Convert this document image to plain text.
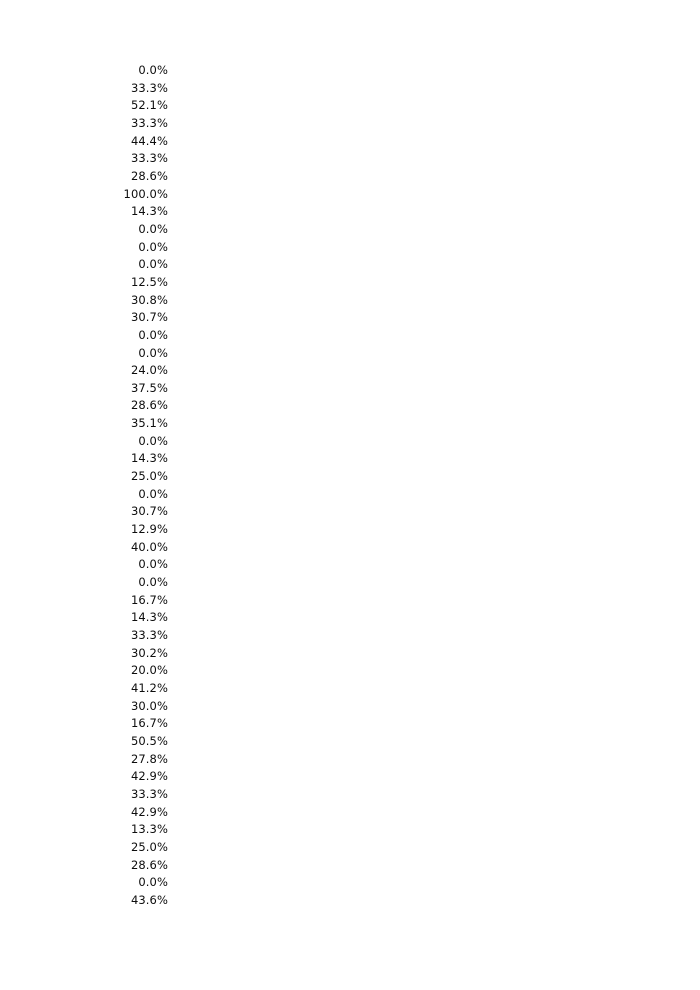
0.0%
33.3%
52.1%
33.3%
44.4%
33.3%
28.6%
100.0%
14.3%
0.0%
0.0%
0.0%
12.5%
30.8%
30.7%
0.0%
0.0%
24.0%
37.5%
28.6%
35.1%
0.0%
14.3%
25.0%
0.0%
30.7%
12.9%
40.0%
0.0%
0.0%
16.7%
14.3%
33.3%
30.2%
20.0%
41.2%
30.0%
16.7%
50.5%
27.8%
42.9%
33.3%
42.9%
13.3%
25.0%
28.6%
0.0%
43.6%
